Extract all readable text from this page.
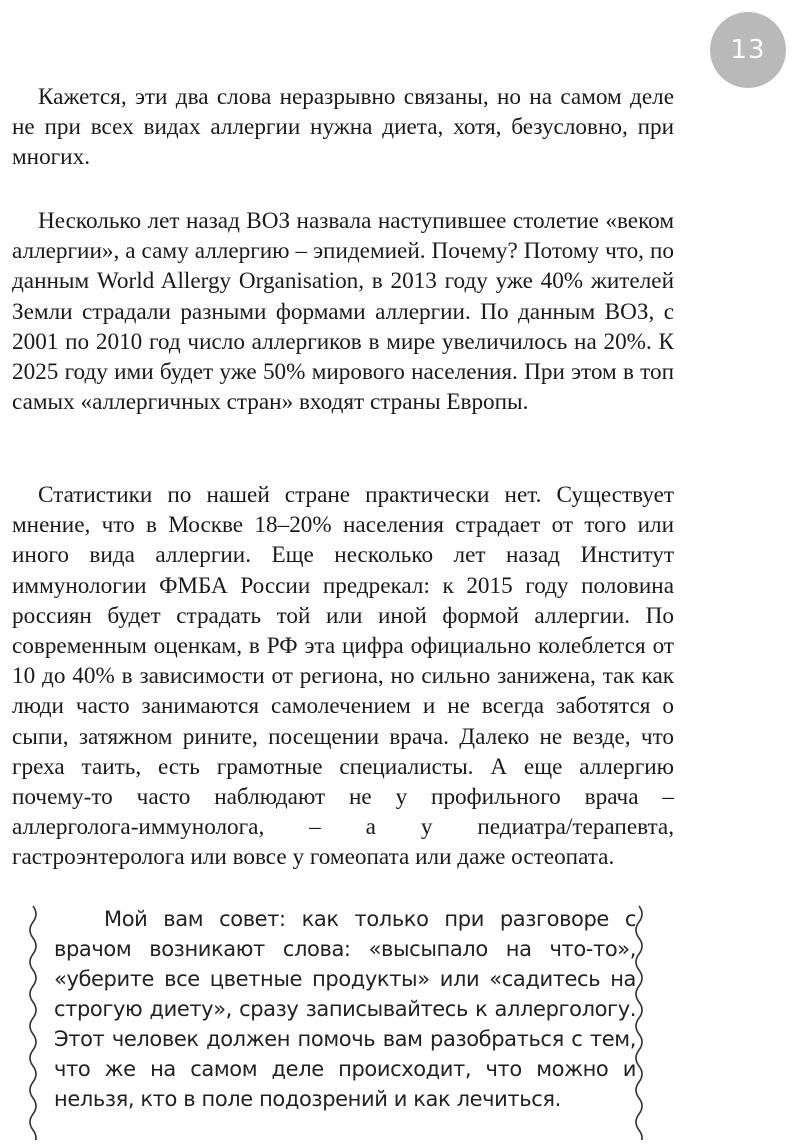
13

Кажется, эти два слова неразрывно связаны, но на самом деле не при всех видах аллергии нужна диета, хотя, безусловно, при многих.

Несколько лет назад ВОЗ назвала наступившее столетие «веком аллергии», а саму аллергию – эпидемией. Почему? Потому что, по данным World Allergy Organisation, в 2013 году уже 40% жителей Земли страдали разными формами аллергии. По данным ВОЗ, с 2001 по 2010 год число аллергиков в мире увеличилось на 20%. К 2025 году ими будет уже 50% мирового населения. При этом в топ самых «аллергичных стран» входят страны Европы.

Статистики по нашей стране практически нет. Существует мнение, что в Москве 18–20% населения страдает от того или иного вида аллергии. Еще несколько лет назад Институт иммунологии ФМБА России предрекал: к 2015 году половина россиян будет страдать той или иной формой аллергии. По современным оценкам, в РФ эта цифра официально колеблется от 10 до 40% в зависимости от региона, но сильно занижена, так как люди часто занимаются самолечением и не всегда заботятся о сыпи, затяжном рините, посещении врача. Далеко не везде, что греха таить, есть грамотные специалисты. А еще аллергию почему-то часто наблюдают не у профильного врача – аллерголога-иммунолога, – а у педиатра/терапевта, гастроэнтеролога или вовсе у гомеопата или даже остеопата.

Мой вам совет: как только при разговоре с врачом возникают слова: «высыпало на что-то», «уберите все цветные продукты» или «садитесь на строгую диету», сразу записывайтесь к аллергологу. Этот человек должен помочь вам разобраться с тем, что же на самом деле происходит, что можно и нельзя, кто в поле подозрений и как лечиться.
